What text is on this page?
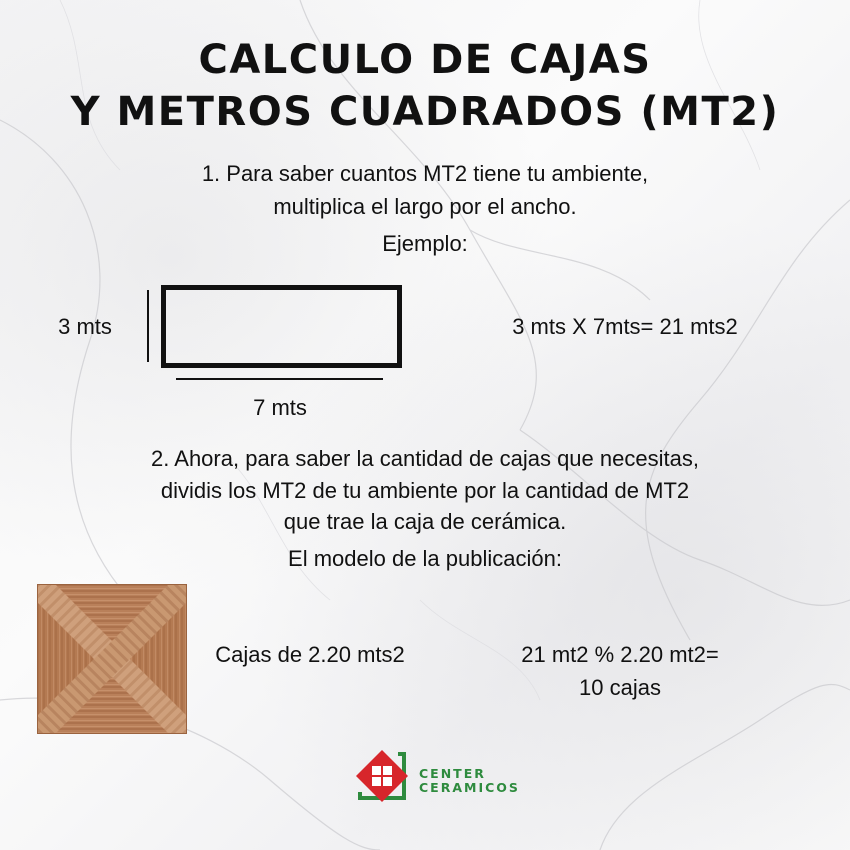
CALCULO DE CAJAS
Y METROS CUADRADOS (MT2)
1. Para saber cuantos MT2 tiene tu ambiente,
multiplica el largo por el ancho.
Ejemplo:
3 mts
7 mts
3 mts X 7mts= 21 mts2
2. Ahora, para saber la cantidad de cajas que necesitas,
dividis los MT2 de tu ambiente por la cantidad de MT2
que trae la caja de cerámica.
El modelo de la publicación:
Cajas de 2.20 mts2	21 mt2 % 2.20 mt2=
10 cajas
CENTER
CERAMICOS
